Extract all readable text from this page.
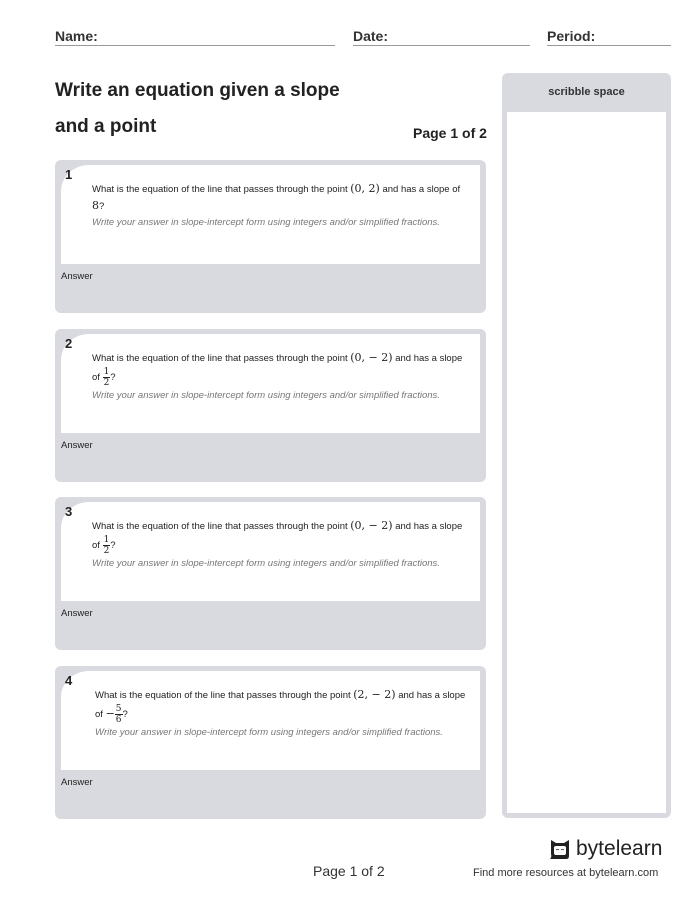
Name:	Date:	Period:
Write an equation given a slope
and a point	Page 1 of 2
What is the equation of the line that passes through the point (0, 2) and has a slope of 8?
Write your answer in slope-intercept form using integers and/or simplified fractions.
1
Answer
What is the equation of the line that passes through the point (0, − 2) and has a slope of $\frac{1}{2}$ ?
Write your answer in slope-intercept form using integers and/or simplified fractions.
2
Answer
What is the equation of the line that passes through the point (0, − 2) and has a slope of $\frac{1}{2}$ ?
Write your answer in slope-intercept form using integers and/or simplified fractions.
3
Answer
What is the equation of the line that passes through the point (2, − 2) and has a slope of − $\frac{5}{6}$ ?
Write your answer in slope-intercept form using integers and/or simplified fractions.
4
Answer
scribble space
Page 1 of 2
bytelearn
Find more resources at bytelearn.com
